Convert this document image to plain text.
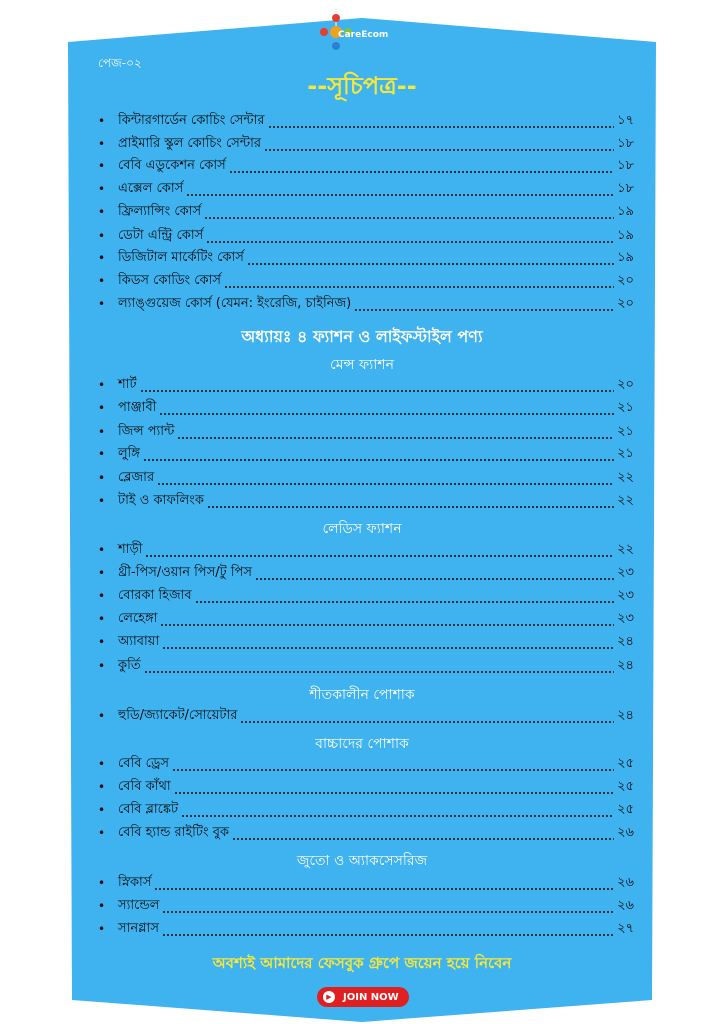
CareEcom
পেজ-০২
--সূচিপত্র--
• কিন্টারগার্ডেন কোচিং সেন্টার	১৭
• প্রাইমারি স্কুল কোচিং সেন্টার	১৮
• বেবি এডুকেশন কোর্স	১৮
• এক্সেল কোর্স	১৮
• ফ্রিল্যান্সিং কোর্স	১৯
• ডেটা এন্ট্রি কোর্স	১৯
• ডিজিটাল মার্কেটিং কোর্স	১৯
• কিডস কোডিং কোর্স	২০
• ল্যাঙ্গুয়েজ কোর্স (যেমন: ইংরেজি, চাইনিজ)	২০
অধ্যায়ঃ ৪ ফ্যাশন ও লাইফস্টাইল পণ্য
মেন্স ফ্যাশন
• শার্ট	২০
• পাঞ্জাবী	২১
• জিন্স প্যান্ট	২১
• লুঙ্গি	২১
• ব্লেজার	২২
• টাই ও কাফলিংক	২২
লেডিস ফ্যাশন
• শাড়ী	২২
• থ্রী-পিস/ওয়ান পিস/টু পিস	২৩
• বোরকা হিজাব	২৩
• লেহেঙ্গা	২৩
• অ্যাবায়া	২৪
• কুর্তি	২৪
শীতকালীন পোশাক
• হুডি/জ্যাকেট/সোয়েটার	২৪
বাচ্চাদের পোশাক
• বেবি ড্রেস	২৫
• বেবি কাঁথা	২৫
• বেবি ব্লাঙ্কেট	২৫
• বেবি হ্যান্ড রাইটিং বুক	২৬
জুতো ও অ্যাকসেসরিজ
• স্নিকার্স	২৬
• স্যান্ডেল	২৬
• সানগ্লাস	২৭
অবশ্যই আমাদের ফেসবুক গ্রুপে জয়েন হয়ে নিবেন
▶	JOIN NOW
